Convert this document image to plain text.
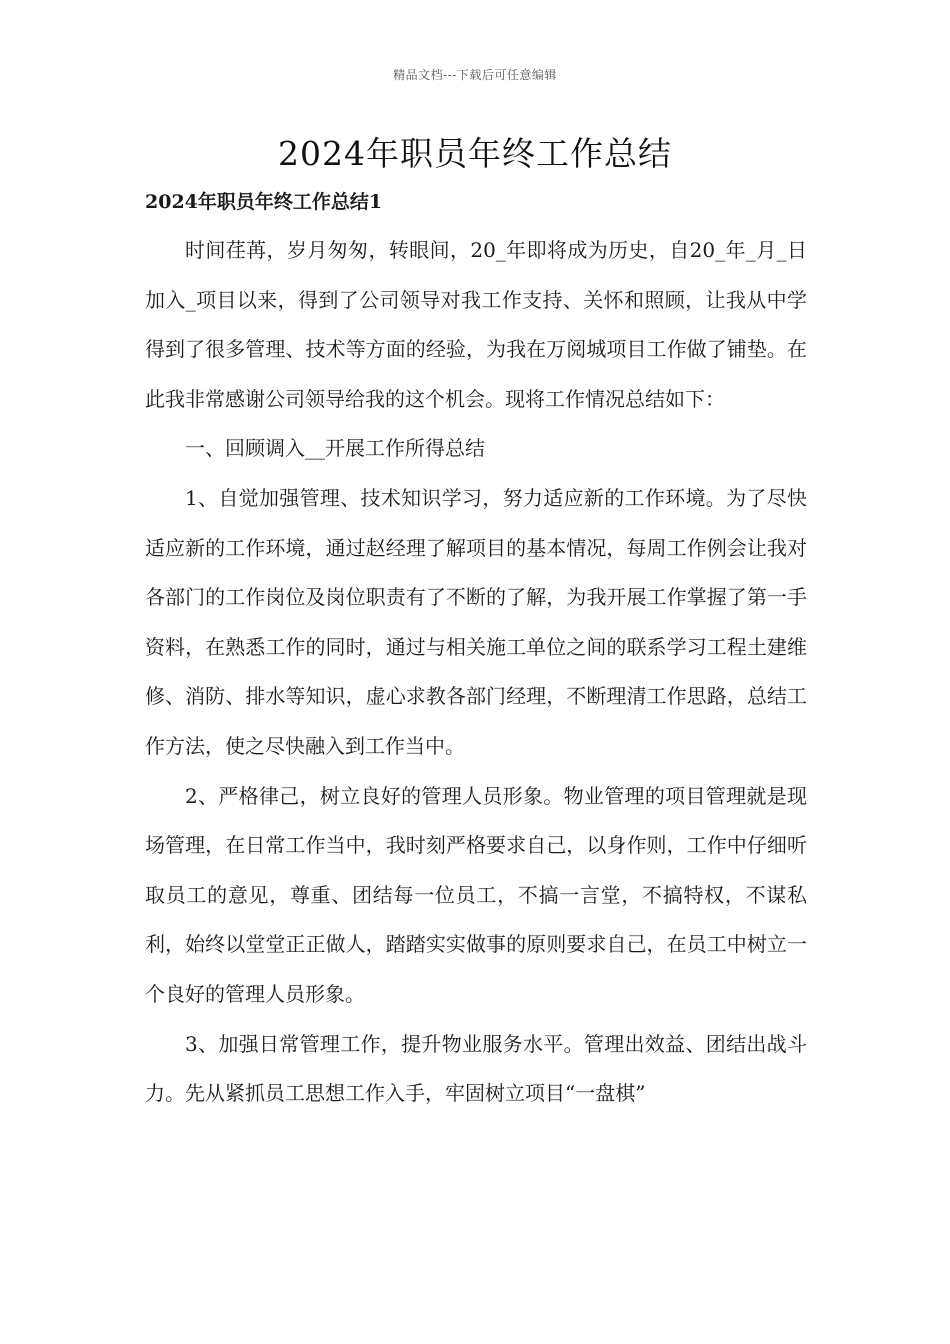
精品文档---下载后可任意编辑
2024年职员年终工作总结
2024年职员年终工作总结1

时间荏苒，岁月匆匆，转眼间，20_年即将成为历史，自20_年_月_日加入_项目以来，得到了公司领导对我工作支持、关怀和照顾，让我从中学得到了很多管理、技术等方面的经验，为我在万阅城项目工作做了铺垫。在此我非常感谢公司领导给我的这个机会。现将工作情况总结如下：

一、回顾调入__开展工作所得总结

1、自觉加强管理、技术知识学习，努力适应新的工作环境。为了尽快适应新的工作环境，通过赵经理了解项目的基本情况，每周工作例会让我对各部门的工作岗位及岗位职责有了不断的了解，为我开展工作掌握了第一手资料，在熟悉工作的同时，通过与相关施工单位之间的联系学习工程土建维修、消防、排水等知识，虚心求教各部门经理，不断理清工作思路，总结工作方法，使之尽快融入到工作当中。

2、严格律己，树立良好的管理人员形象。物业管理的项目管理就是现场管理，在日常工作当中，我时刻严格要求自己，以身作则，工作中仔细听取员工的意见，尊重、团结每一位员工，不搞一言堂，不搞特权，不谋私利，始终以堂堂正正做人，踏踏实实做事的原则要求自己，在员工中树立一个良好的管理人员形象。

3、加强日常管理工作，提升物业服务水平。管理出效益、团结出战斗力。先从紧抓员工思想工作入手，牢固树立项目“一盘棋”
